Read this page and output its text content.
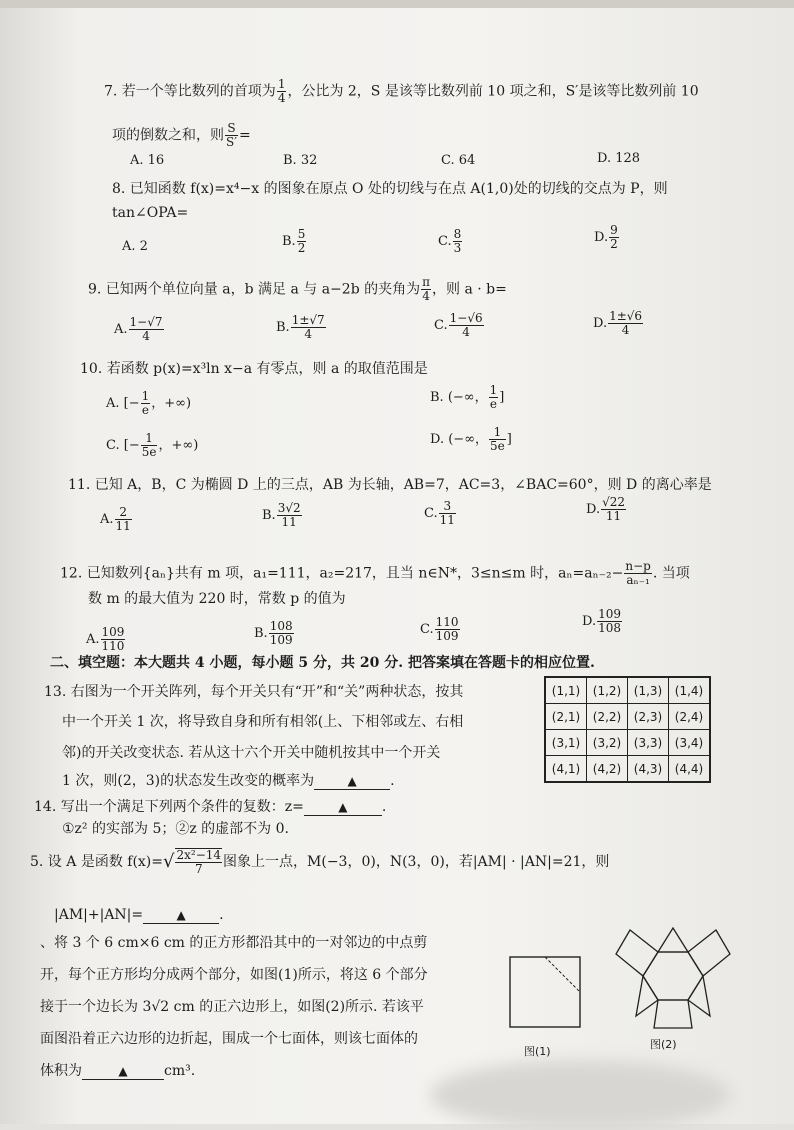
7. 若一个等比数列的首项为 $\frac{1}{4}$ ，公比为 2，S 是该等比数列前 10 项之和，S′是该等比数列前 10
项的倒数之和，则 $\frac{S}{S'}$ =
A. 16	B. 32	C. 64	D. 128
8. 已知函数 f(x)=x⁴−x 的图象在原点 O 处的切线与在点 A(1,0)处的切线的交点为 P，则
tan∠OPA=
A. 2	B. $\frac{5}{2}$	C. $\frac{8}{3}$	D. $\frac{9}{2}$
9. 已知两个单位向量 a，b 满足 a 与 a−2b 的夹角为 $\frac{\pi}{4}$ ，则 a · b=
A. $\frac{1-√7}{4}$	B. $\frac{1\pm√7}{4}$	C. $\frac{1-√6}{4}$	D. $\frac{1\pm√6}{4}$
10. 若函数 p(x)=x³ln x−a 有零点，则 a 的取值范围是
A. [− $\frac{1}{e}$ ，+∞)	B. (−∞， $\frac{1}{e}$ ]
C. [− $\frac{1}{5e}$ ，+∞)	D. (−∞， $\frac{1}{5e}$ ]
11. 已知 A，B，C 为椭圆 D 上的三点，AB 为长轴，AB=7，AC=3，∠BAC=60°，则 D 的离心率是
A. $\frac{2}{11}$	B. $\frac{3√2}{11}$	C. $\frac{3}{11}$	D. $\frac{√22}{11}$
12. 已知数列{aₙ}共有 m 项，a₁=111，a₂=217，且当 n∈N*，3≤n≤m 时，$a_n=a_{n-2}- \frac{n-p}{\text{aₙ₋₁}}$ . 当项
数 m 的最大值为 220 时，常数 p 的值为
A. $\frac{109}{110}$	B. $\frac{108}{109}$	C. $\frac{110}{109}$	D. $\frac{109}{108}$
二、填空题：本大题共 4 小题，每小题 5 分，共 20 分. 把答案填在答题卡的相应位置.
13. 右图为一个开关阵列，每个开关只有“开”和“关”两种状态，按其
中一个开关 1 次，将导致自身和所有相邻(上、下相邻或左、右相
邻)的开关改变状态. 若从这十六个开关中随机按其中一个开关
1 次，则(2，3)的状态发生改变的概率为	▲ .
(1,1)	(1,2)	(1,3)	(1,4)
(2,1)	(2,2)	(2,3)	(2,4)
(3,1)	(3,2)	(3,3)	(3,4)
(4,1)	(4,2)	(4,3)	(4,4)
14. 写出一个满足下列两个条件的复数：z=	▲ .
①z² 的实部为 5；②z 的虚部不为 0.
5. 设 A 是函数 $f(x)=√ \frac{\text{2x²−14}}{7}$ 图象上一点，M(−3，0)，N(3，0)，若|AM| · |AN|=21，则
|AM|+|AN|=	▲ .
、将 3 个 6 cm×6 cm 的正方形都沿其中的一对邻边的中点剪
开，每个正方形均分成两个部分，如图(1)所示，将这 6 个部分
接于一个边长为 3√2 cm 的正六边形上，如图(2)所示. 若该平
面图沿着正六边形的边折起，围成一个七面体，则该七面体的
体积为	▲	cm³.
图(1)
图(2)
